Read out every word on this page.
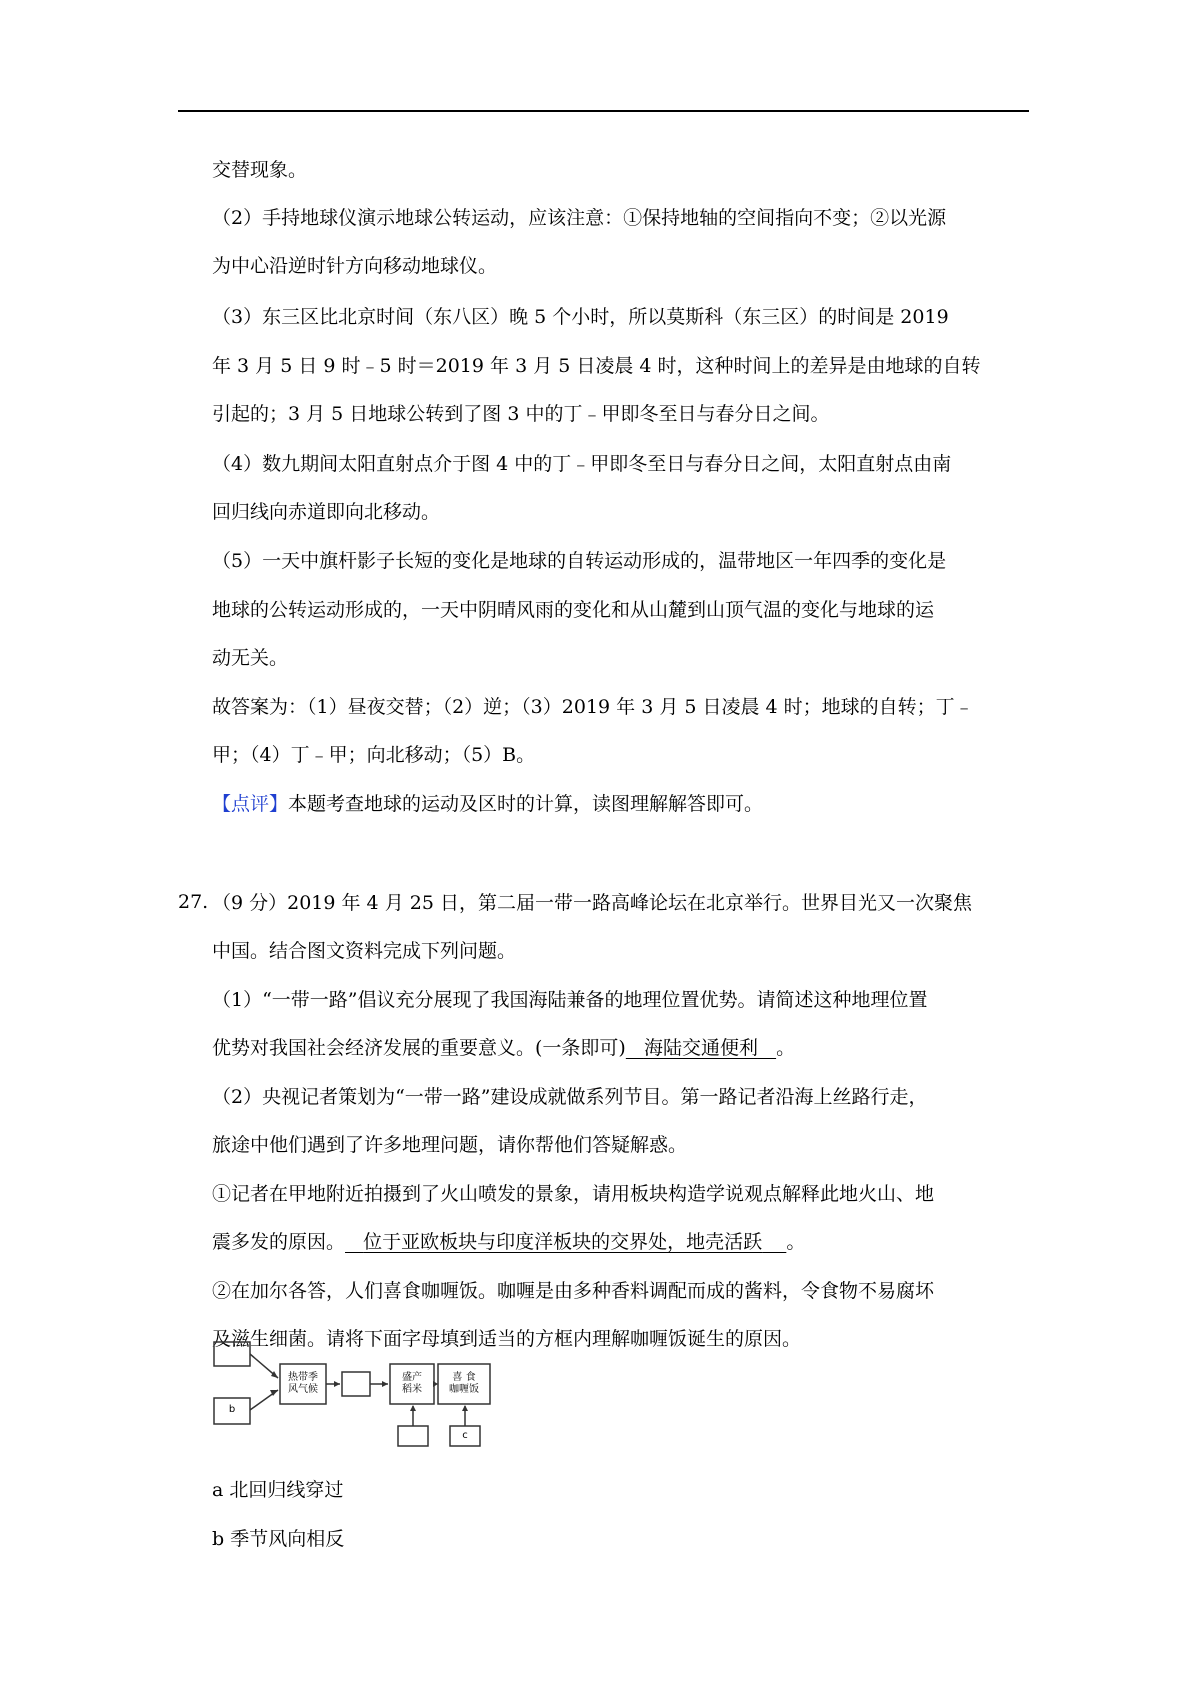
交替现象。
（2）手持地球仪演示地球公转运动，应该注意：①保持地轴的空间指向不变；②以光源
为中心沿逆时针方向移动地球仪。
（3）东三区比北京时间（东八区）晚 5 个小时，所以莫斯科（东三区）的时间是 2019
年 3 月 5 日 9 时﹣5 时＝2019 年 3 月 5 日凌晨 4 时，这种时间上的差异是由地球的自转
引起的；3 月 5 日地球公转到了图 3 中的丁﹣甲即冬至日与春分日之间。
（4）数九期间太阳直射点介于图 4 中的丁﹣甲即冬至日与春分日之间，太阳直射点由南
回归线向赤道即向北移动。
（5）一天中旗杆影子长短的变化是地球的自转运动形成的，温带地区一年四季的变化是
地球的公转运动形成的，一天中阴晴风雨的变化和从山麓到山顶气温的变化与地球的运
动无关。
故答案为：（1）昼夜交替；（2）逆；（3）2019 年 3 月 5 日凌晨 4 时；地球的自转；丁﹣
甲；（4）丁﹣甲；向北移动；（5）B。
【点评】本题考查地球的运动及区时的计算，读图理解解答即可。
27. （9 分）2019 年 4 月 25 日，第二届一带一路高峰论坛在北京举行。世界目光又一次聚焦
中国。结合图文资料完成下列问题。
（1）“一带一路”倡议充分展现了我国海陆兼备的地理位置优势。请简述这种地理位置
优势对我国社会经济发展的重要意义。(一条即可) 海陆交通便利 。
（2）央视记者策划为“一带一路”建设成就做系列节目。第一路记者沿海上丝路行走，
旅途中他们遇到了许多地理问题，请你帮他们答疑解惑。
①记者在甲地附近拍摄到了火山喷发的景象，请用板块构造学说观点解释此地火山、地
震多发的原因。 位于亚欧板块与印度洋板块的交界处，地壳活跃 。
②在加尔各答，人们喜食咖喱饭。咖喱是由多种香料调配而成的酱料，令食物不易腐坏
及滋生细菌。请将下面字母填到适当的方框内理解咖喱饭诞生的原因。
b
热带季
风气候
盛产
稻米
喜 食
咖喱饭
c
a 北回归线穿过
b 季节风向相反
